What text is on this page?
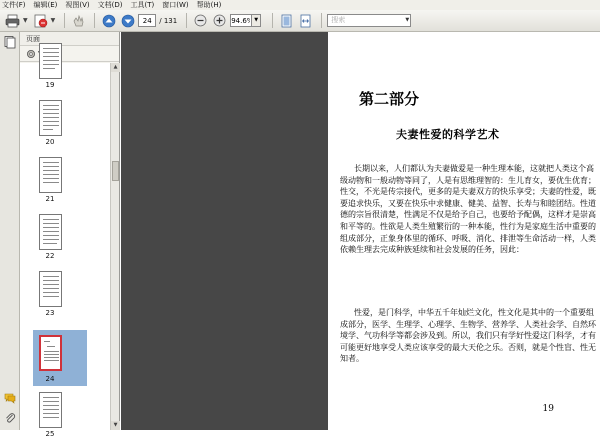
文件(F) 编辑(E) 视图(V) 文档(D) 工具(T) 窗口(W) 帮助(H)
▼	▼
24	/ 131
94.6%	▼	搜索	▼
页面
19
20
21
22
23
24
25
▲
▼
第二部分
夫妻性爱的科学艺术
长期以来，人们都认为夫妻做爱是一种生理本能，这就把人类这个高级动物和一般动物等同了，人是有思维理智的：生儿育女，要优生优育；性交，不光是传宗接代，更多的是夫妻双方的快乐享受；夫妻的性爱，既要追求快乐，又要在快乐中求健康、健美、益智、长寿与和睦团结。性道德的宗旨很清楚，性满足不仅是给予自己，也要给予配偶，这样才是崇高和平等的。性欲是人类生殖繁衍的一种本能，性行为是家庭生活中重要的组成部分，正象身体里的循环、呼吸、消化、排泄等生命活动一样，人类依赖生理去完成种族延续和社会发展的任务，因此：
性爱，是门科学，中华五千年灿烂文化，性文化是其中的一个重要组成部分，医学、生理学、心理学、生物学、营养学、人类社会学、自然环境学、气功科学等都会涉及到。所以，我们只有学好性爱这门科学，才有可能更好地享受人类应该享受的最大天伦之乐。否则，就是个性盲、性无知者。
19
